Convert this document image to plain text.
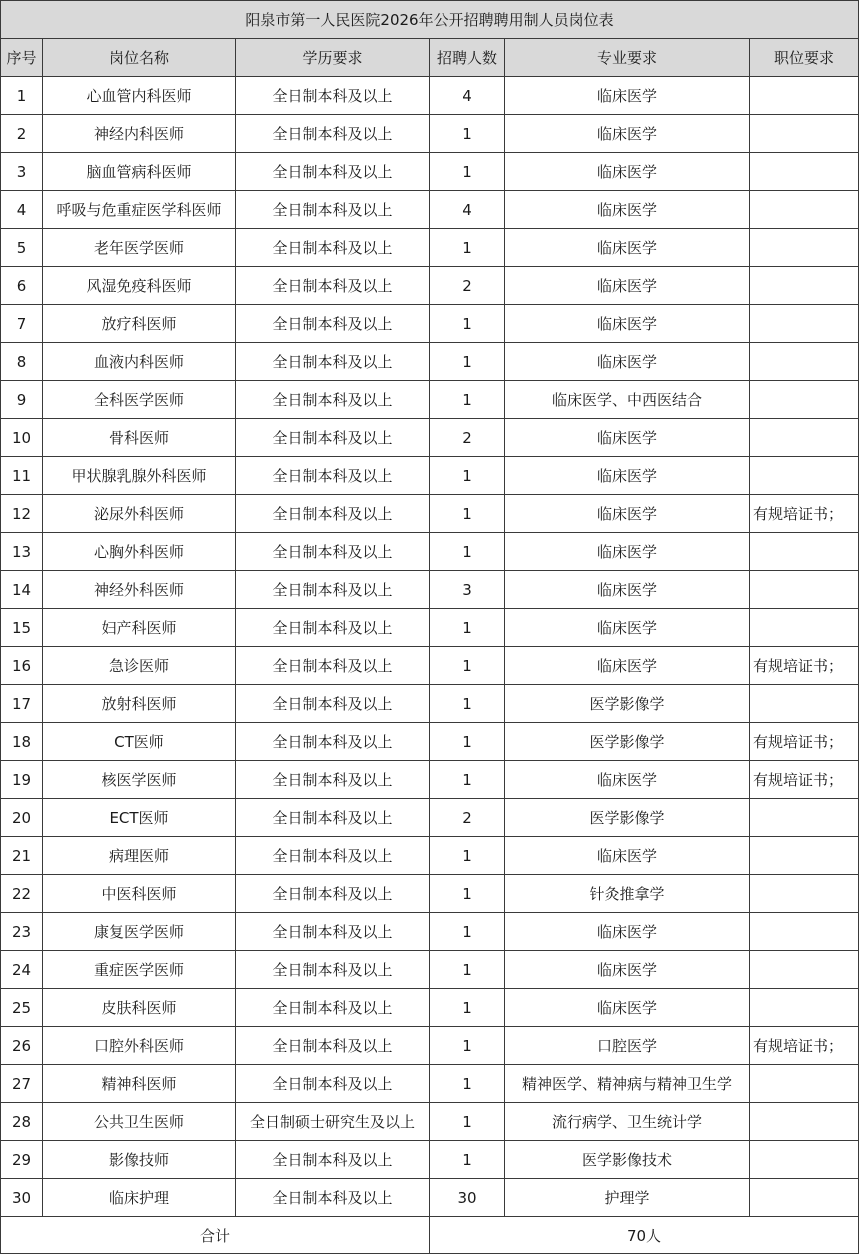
阳泉市第一人民医院2026年公开招聘聘用制人员岗位表					
序号	岗位名称	学历要求	招聘人数	专业要求	职位要求
1	心血管内科医师	全日制本科及以上	4	临床医学	
2	神经内科医师	全日制本科及以上	1	临床医学	
3	脑血管病科医师	全日制本科及以上	1	临床医学	
4	呼吸与危重症医学科医师	全日制本科及以上	4	临床医学	
5	老年医学医师	全日制本科及以上	1	临床医学	
6	风湿免疫科医师	全日制本科及以上	2	临床医学	
7	放疗科医师	全日制本科及以上	1	临床医学	
8	血液内科医师	全日制本科及以上	1	临床医学	
9	全科医学医师	全日制本科及以上	1	临床医学、中西医结合	
10	骨科医师	全日制本科及以上	2	临床医学	
11	甲状腺乳腺外科医师	全日制本科及以上	1	临床医学	
12	泌尿外科医师	全日制本科及以上	1	临床医学	有规培证书；
13	心胸外科医师	全日制本科及以上	1	临床医学	
14	神经外科医师	全日制本科及以上	3	临床医学	
15	妇产科医师	全日制本科及以上	1	临床医学	
16	急诊医师	全日制本科及以上	1	临床医学	有规培证书；
17	放射科医师	全日制本科及以上	1	医学影像学	
18	CT医师	全日制本科及以上	1	医学影像学	有规培证书；
19	核医学医师	全日制本科及以上	1	临床医学	有规培证书；
20	ECT医师	全日制本科及以上	2	医学影像学	
21	病理医师	全日制本科及以上	1	临床医学	
22	中医科医师	全日制本科及以上	1	针灸推拿学	
23	康复医学医师	全日制本科及以上	1	临床医学	
24	重症医学医师	全日制本科及以上	1	临床医学	
25	皮肤科医师	全日制本科及以上	1	临床医学	
26	口腔外科医师	全日制本科及以上	1	口腔医学	有规培证书；
27	精神科医师	全日制本科及以上	1	精神医学、精神病与精神卫生学	
28	公共卫生医师	全日制硕士研究生及以上	1	流行病学、卫生统计学	
29	影像技师	全日制本科及以上	1	医学影像技术	
30	临床护理	全日制本科及以上	30	护理学	
合计			70人		
